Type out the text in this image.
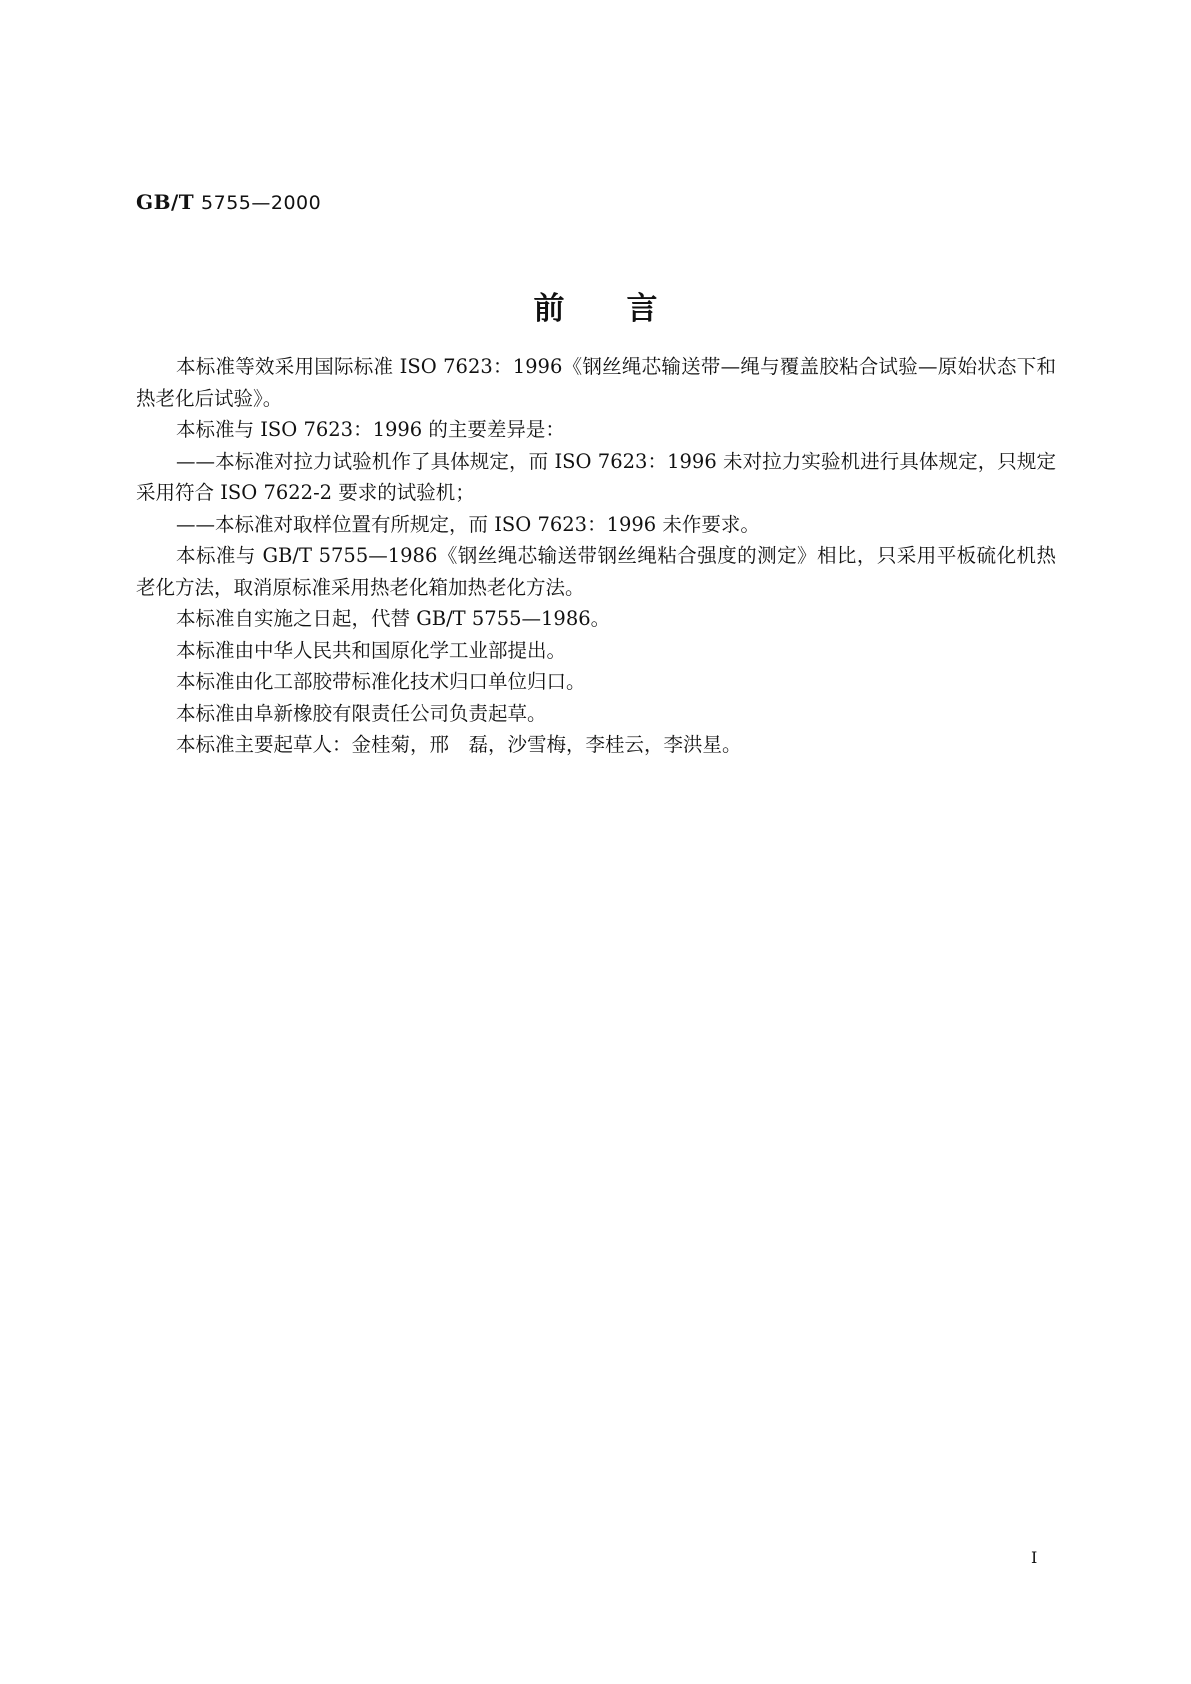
GB/T 5755—2000
前言

本标准等效采用国际标准 ISO 7623：1996《钢丝绳芯输送带—绳与覆盖胶粘合试验—原始状态下和热老化后试验》。

本标准与 ISO 7623：1996 的主要差异是：

——本标准对拉力试验机作了具体规定，而 ISO 7623：1996 未对拉力实验机进行具体规定，只规定采用符合 ISO 7622-2 要求的试验机；

——本标准对取样位置有所规定，而 ISO 7623：1996 未作要求。

本标准与 GB/T 5755—1986《钢丝绳芯输送带钢丝绳粘合强度的测定》相比，只采用平板硫化机热老化方法，取消原标准采用热老化箱加热老化方法。

本标准自实施之日起，代替 GB/T 5755—1986。

本标准由中华人民共和国原化学工业部提出。

本标准由化工部胶带标准化技术归口单位归口。

本标准由阜新橡胶有限责任公司负责起草。

本标准主要起草人：金桂菊，邢　磊，沙雪梅，李桂云，李洪星。

I
